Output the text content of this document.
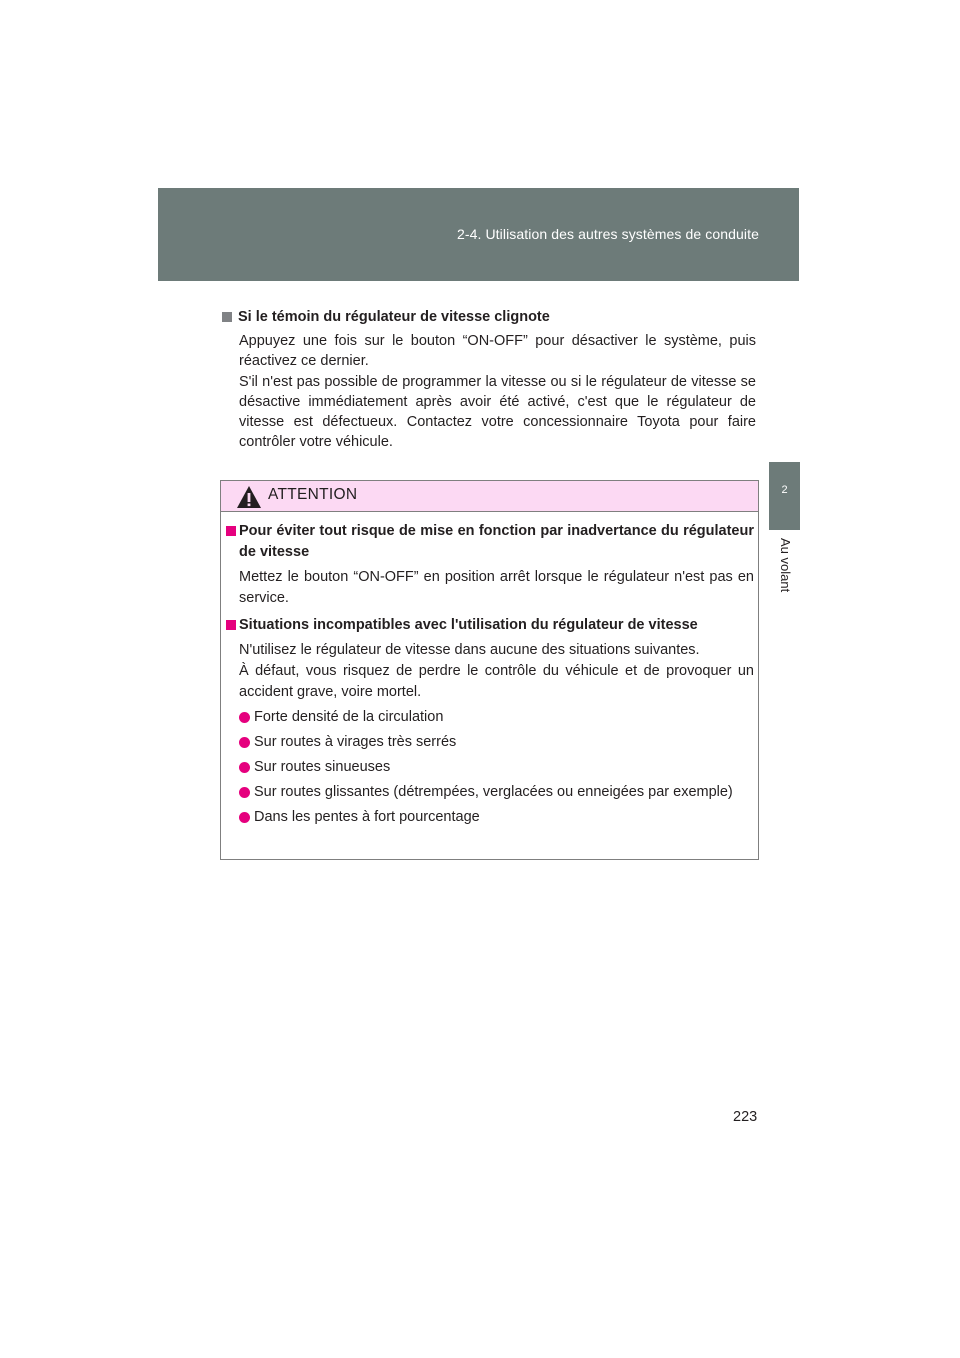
2-4. Utilisation des autres systèmes de conduite
2
Au volant
Si le témoin du régulateur de vitesse clignote

Appuyez une fois sur le bouton “ON-OFF” pour désactiver le système, puis réactivez ce dernier.

S'il n'est pas possible de programmer la vitesse ou si le régulateur de vitesse se désactive immédiatement après avoir été activé, c'est que le régulateur de vitesse est défectueux. Contactez votre concessionnaire Toyota pour faire contrôler votre véhicule.

ATTENTION
Pour éviter tout risque de mise en fonction par inadvertance du régulateur de vitesse

Mettez le bouton “ON-OFF” en position arrêt lorsque le régulateur n'est pas en service.

Situations incompatibles avec l'utilisation du régulateur de vitesse

N'utilisez le régulateur de vitesse dans aucune des situations suivantes.

À défaut, vous risquez de perdre le contrôle du véhicule et de provoquer un accident grave, voire mortel.

Forte densité de la circulation
Sur routes à virages très serrés
Sur routes sinueuses
Sur routes glissantes (détrempées, verglacées ou enneigées par exemple)
Dans les pentes à fort pourcentage
223
